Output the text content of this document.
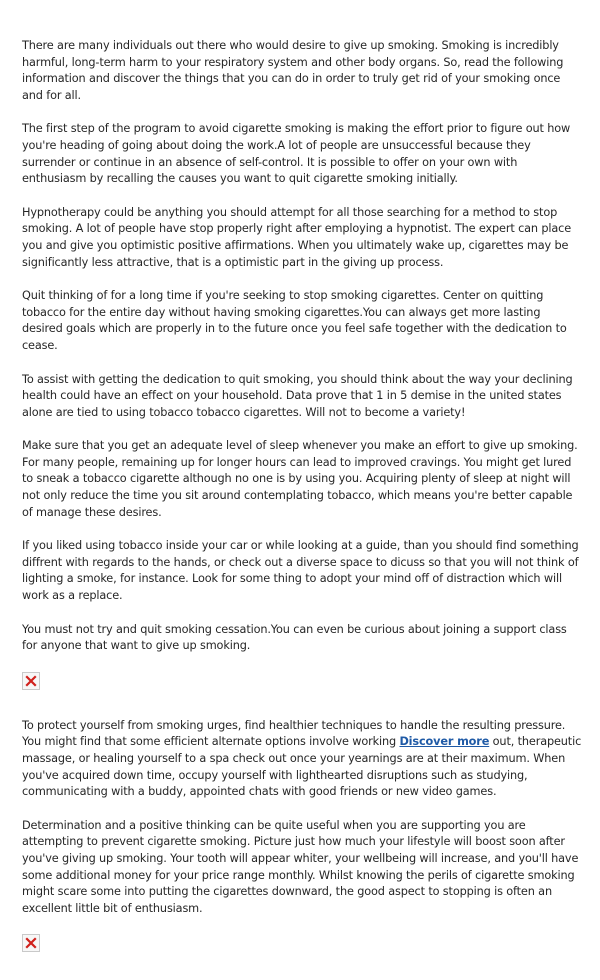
There are many individuals out there who would desire to give up smoking. Smoking is incredibly harmful, long-term harm to your respiratory system and other body organs. So, read the following information and discover the things that you can do in order to truly get rid of your smoking once and for all.

The first step of the program to avoid cigarette smoking is making the effort prior to figure out how you're heading of going about doing the work.A lot of people are unsuccessful because they surrender or continue in an absence of self-control. It is possible to offer on your own with enthusiasm by recalling the causes you want to quit cigarette smoking initially.

Hypnotherapy could be anything you should attempt for all those searching for a method to stop smoking. A lot of people have stop properly right after employing a hypnotist. The expert can place you and give you optimistic positive affirmations. When you ultimately wake up, cigarettes may be significantly less attractive, that is a optimistic part in the giving up process.

Quit thinking of for a long time if you're seeking to stop smoking cigarettes. Center on quitting tobacco for the entire day without having smoking cigarettes.You can always get more lasting desired goals which are properly in to the future once you feel safe together with the dedication to cease.

To assist with getting the dedication to quit smoking, you should think about the way your declining health could have an effect on your household. Data prove that 1 in 5 demise in the united states alone are tied to using tobacco tobacco cigarettes. Will not to become a variety!

Make sure that you get an adequate level of sleep whenever you make an effort to give up smoking. For many people, remaining up for longer hours can lead to improved cravings. You might get lured to sneak a tobacco cigarette although no one is by using you. Acquiring plenty of sleep at night will not only reduce the time you sit around contemplating tobacco, which means you're better capable of manage these desires.

If you liked using tobacco inside your car or while looking at a guide, than you should find something diffrent with regards to the hands, or check out a diverse space to dicuss so that you will not think of lighting a smoke, for instance. Look for some thing to adopt your mind off of distraction which will work as a replace.

You must not try and quit smoking cessation.You can even be curious about joining a support class for anyone that want to give up smoking.

To protect yourself from smoking urges, find healthier techniques to handle the resulting pressure. You might find that some efficient alternate options involve working Discover more out, therapeutic massage, or healing yourself to a spa check out once your yearnings are at their maximum. When you've acquired down time, occupy yourself with lighthearted disruptions such as studying, communicating with a buddy, appointed chats with good friends or new video games.

Determination and a positive thinking can be quite useful when you are supporting you are attempting to prevent cigarette smoking. Picture just how much your lifestyle will boost soon after you've giving up smoking. Your tooth will appear whiter, your wellbeing will increase, and you'll have some additional money for your price range monthly. Whilst knowing the perils of cigarette smoking might scare some into putting the cigarettes downward, the good aspect to stopping is often an excellent little bit of enthusiasm.
